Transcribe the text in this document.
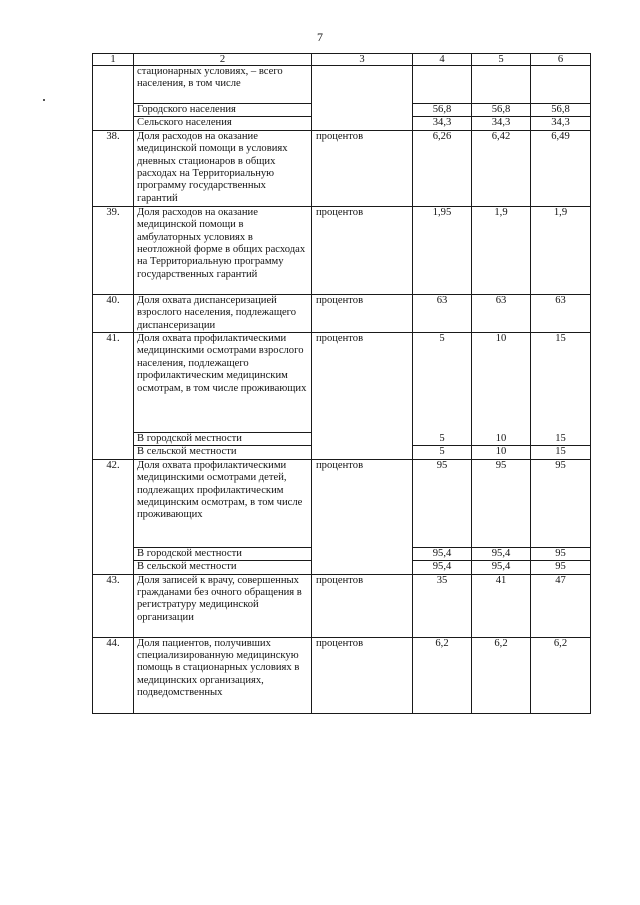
7
1	2	3	4	5	6
	стационарных условиях, – всего населения, в том числе				
	Городского населения		56,8	56,8	56,8
	Сельского населения		34,3	34,3	34,3
38.	Доля расходов на оказание медицинской помощи в условиях дневных стационаров в общих расходах на Территориальную программу государственных гарантий	процентов	6,26	6,42	6,49
39.	Доля расходов на оказание медицинской помощи в амбулаторных условиях в неотложной форме в общих расходах на Территориальную программу государственных гарантий	процентов	1,95	1,9	1,9
40.	Доля охвата диспансеризацией взрослого населения, подлежащего диспансеризации	процентов	63	63	63
41.	Доля охвата профилактическими медицинскими осмотрами взрослого населения, подлежащего профилактическим медицинским осмотрам, в том числе проживающих	процентов	5	10	15
	В городской местности		5	10	15
	В сельской местности		5	10	15
42.	Доля охвата профилактическими медицинскими осмотрами детей, подлежащих профилактическим медицинским осмотрам, в том числе проживающих	процентов	95	95	95
	В городской местности		95,4	95,4	95
	В сельской местности		95,4	95,4	95
43.	Доля записей к врачу, совершенных гражданами без очного обращения в регистратуру медицинской организации	процентов	35	41	47
44.	Доля пациентов, получивших специализированную медицинскую помощь в стационарных условиях в медицинских организациях, подведомственных	процентов	6,2	6,2	6,2
